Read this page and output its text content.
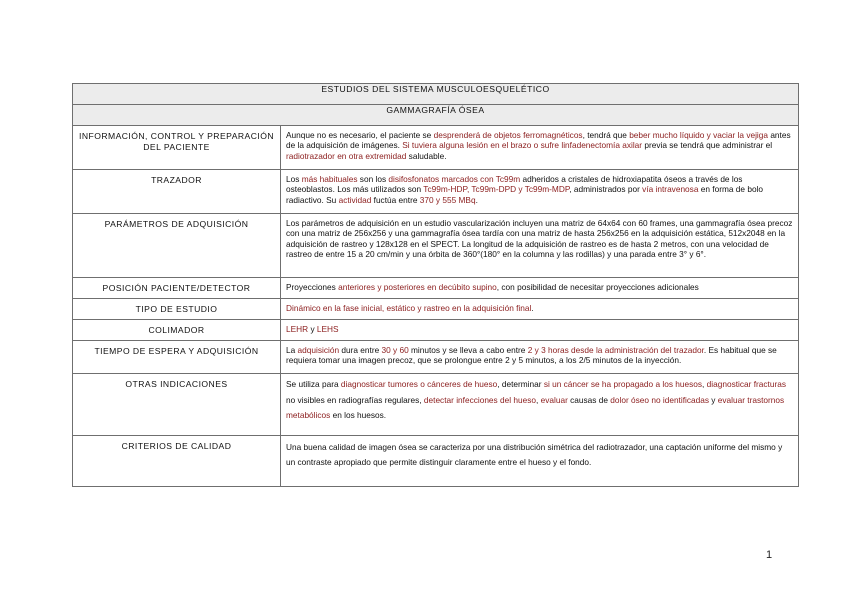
ESTUDIOS DEL SISTEMA MUSCULOESQUELÉTICO	
GAMMAGRAFÍA ÓSEA	
INFORMACIÓN, CONTROL Y PREPARACIÓN DEL PACIENTE	Aunque no es necesario, el paciente se desprenderá de objetos ferromagnéticos, tendrá que beber mucho líquido y vaciar la vejiga antes de la adquisición de imágenes. Si tuviera alguna lesión en el brazo o sufre linfadenectomía axilar previa se tendrá que administrar el radiotrazador en otra extremidad saludable.
TRAZADOR	Los más habituales son los disifosfonatos marcados con Tc99m adheridos a cristales de hidroxiapatita óseos a través de los osteoblastos. Los más utilizados son Tc99m-HDP, Tc99m-DPD y Tc99m-MDP, administrados por vía intravenosa en forma de bolo radiactivo. Su actividad fuctúa entre 370 y 555 MBq.
PARÁMETROS DE ADQUISICIÓN	Los parámetros de adquisición en un estudio vascularización incluyen una matriz de 64x64 con 60 frames, una gammagrafía ósea precoz con una matriz de 256x256 y una gammagrafía ósea tardía con una matriz de hasta 256x256 en la adquisición estática, 512x2048 en la adquisición de rastreo y 128x128 en el SPECT. La longitud de la adquisición de rastreo es de hasta 2 metros, con una velocidad de rastreo de entre 15 a 20 cm/min y una órbita de 360°(180° en la columna y las rodillas) y una parada entre 3° y 6°.
POSICIÓN PACIENTE/DETECTOR	Proyecciones anteriores y posteriores en decúbito supino, con posibilidad de necesitar proyecciones adicionales
TIPO DE ESTUDIO	Dinámico en la fase inicial, estático y rastreo en la adquisición final.
COLIMADOR	LEHR y LEHS
TIEMPO DE ESPERA Y ADQUISICIÓN	La adquisición dura entre 30 y 60 minutos y se lleva a cabo entre 2 y 3 horas desde la administración del trazador. Es habitual que se requiera tomar una imagen precoz, que se prolongue entre 2 y 5 minutos, a los 2/5 minutos de la inyección.
OTRAS INDICACIONES	Se utiliza para diagnosticar tumores o cánceres de hueso, determinar si un cáncer se ha propagado a los huesos, diagnosticar fracturas no visibles en radiografías regulares, detectar infecciones del hueso, evaluar causas de dolor óseo no identificadas y evaluar trastornos metabólicos en los huesos.
CRITERIOS DE CALIDAD	Una buena calidad de imagen ósea se caracteriza por una distribución simétrica del radiotrazador, una captación uniforme del mismo y un contraste apropiado que permite distinguir claramente entre el hueso y el fondo.
1
